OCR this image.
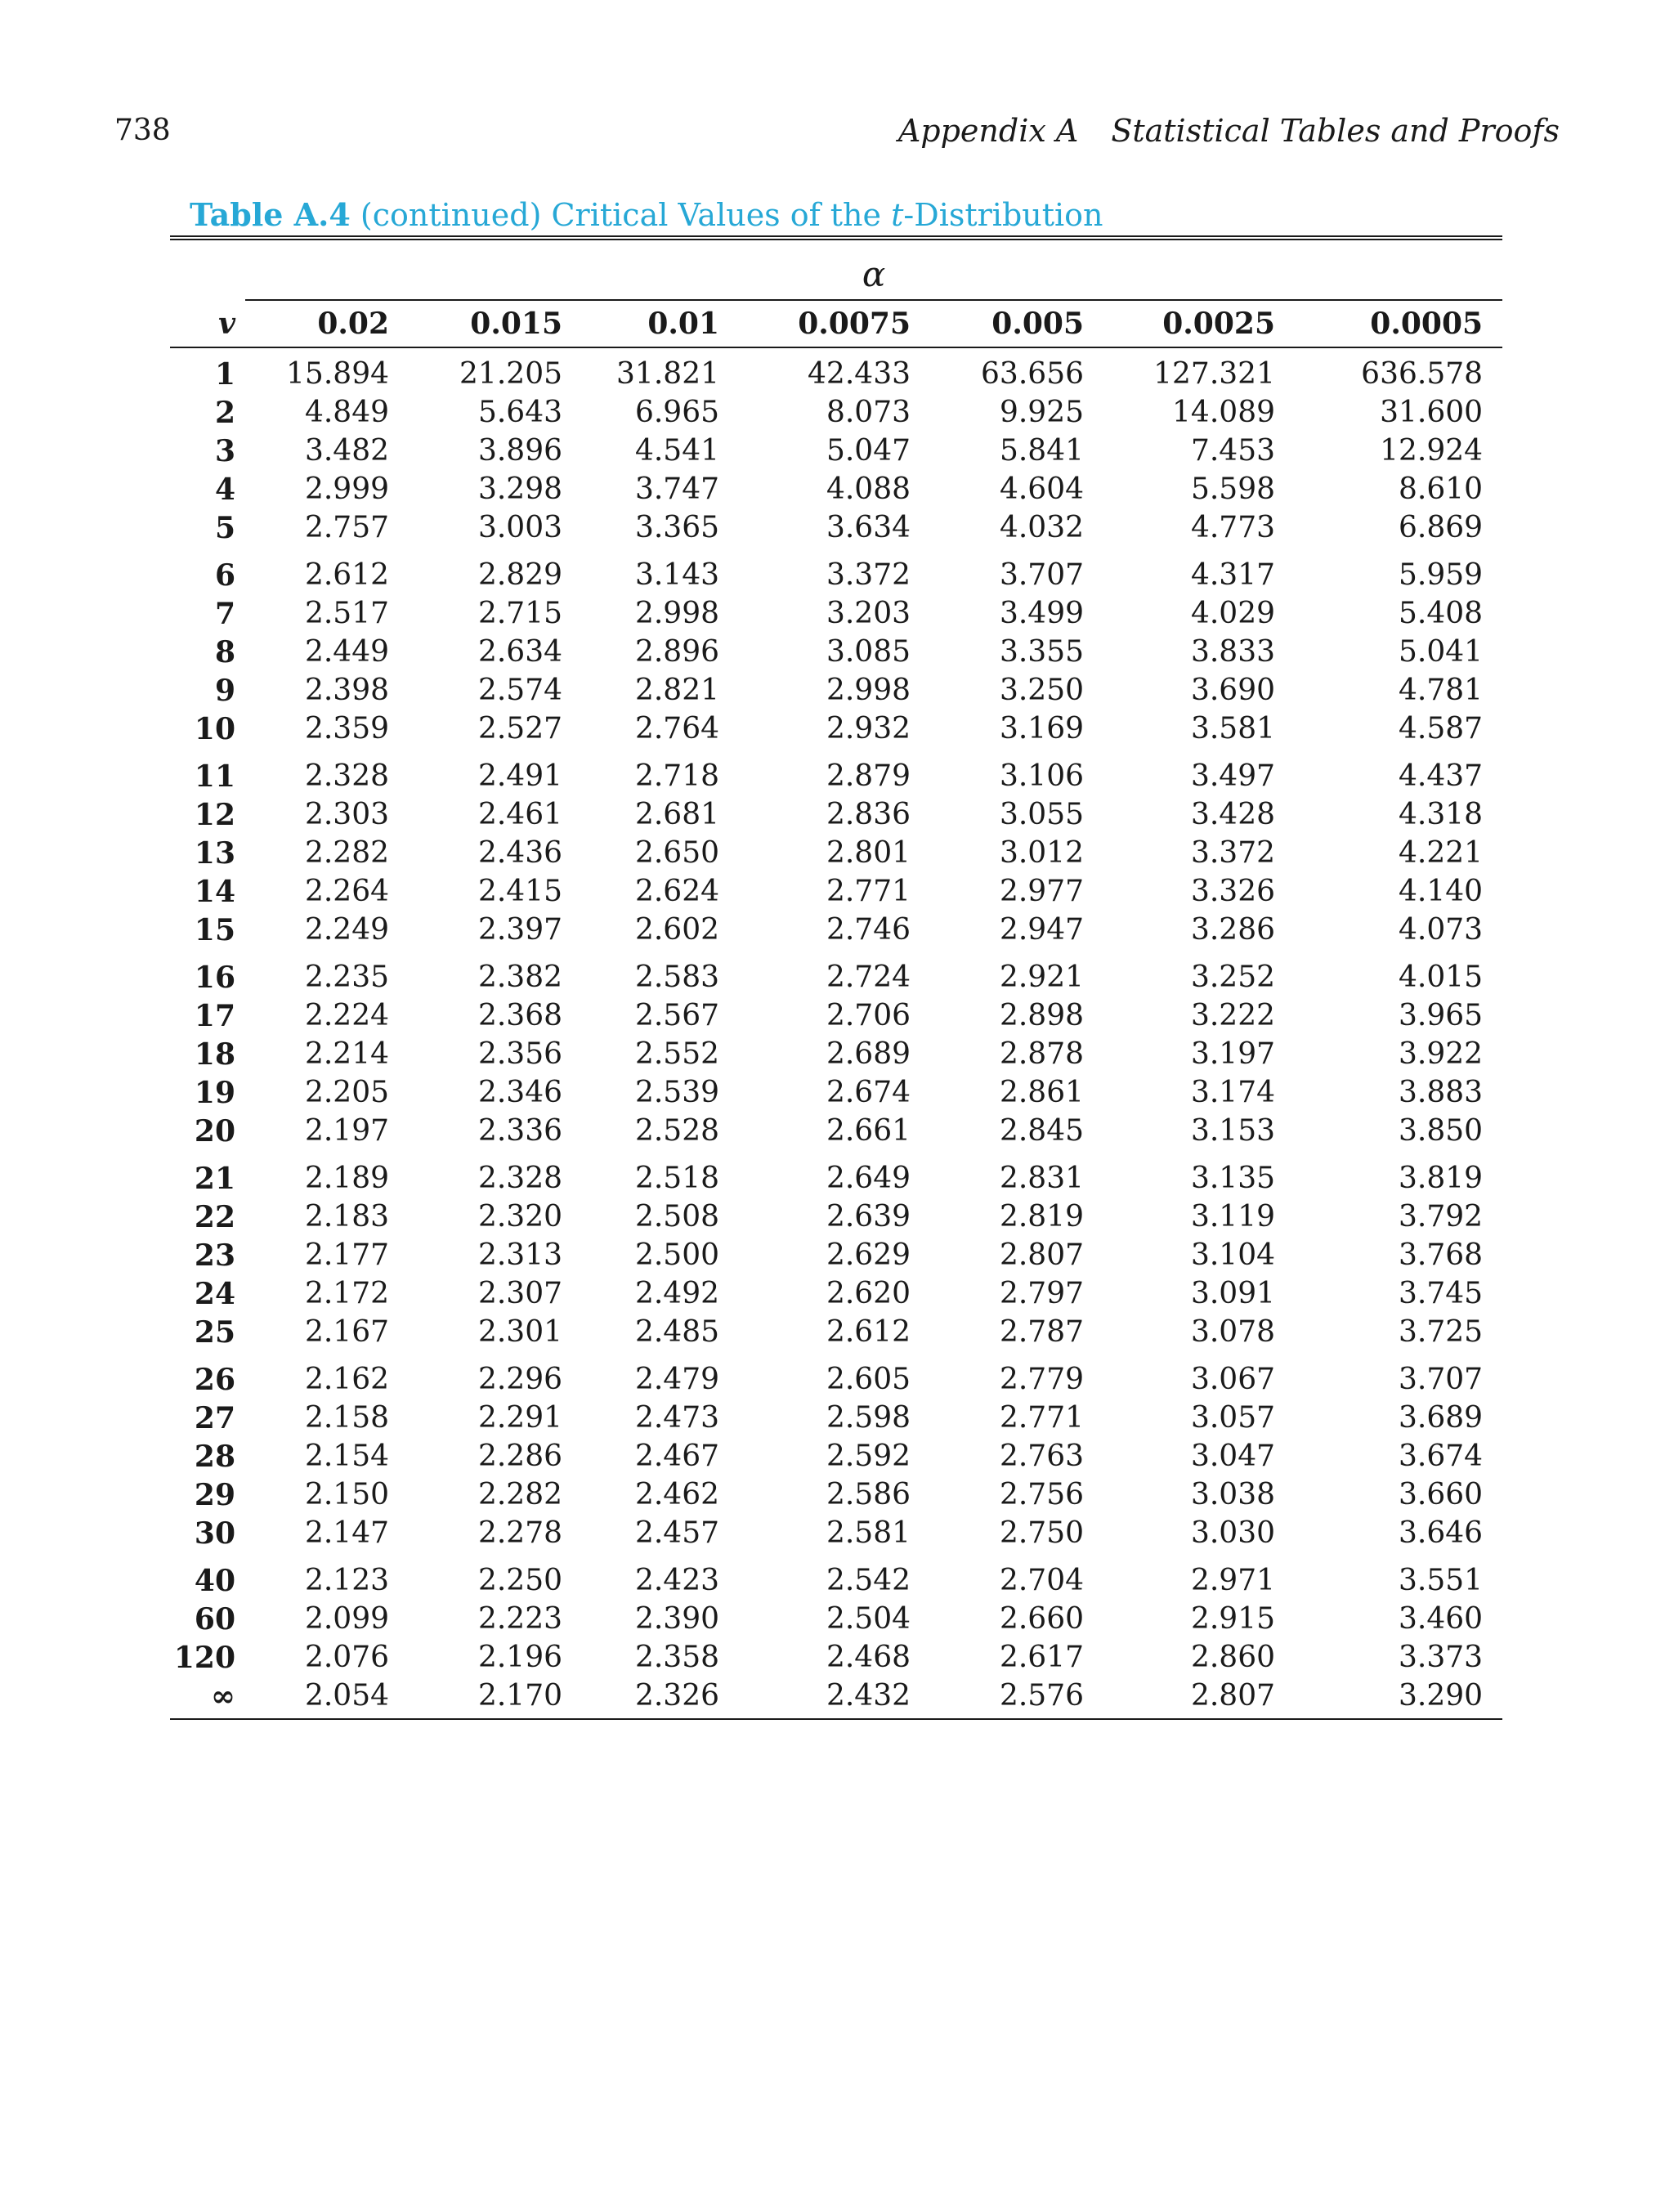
738	Appendix A Statistical Tables and Proofs
Table A.4 (continued) Critical Values of the t-Distribution
	α						
v	0.02	0.015	0.01	0.0075	0.005	0.0025	0.0005
1	15.894	21.205	31.821	42.433	63.656	127.321	636.578
2	4.849	5.643	6.965	8.073	9.925	14.089	31.600
3	3.482	3.896	4.541	5.047	5.841	7.453	12.924
4	2.999	3.298	3.747	4.088	4.604	5.598	8.610
5	2.757	3.003	3.365	3.634	4.032	4.773	6.869
6	2.612	2.829	3.143	3.372	3.707	4.317	5.959
7	2.517	2.715	2.998	3.203	3.499	4.029	5.408
8	2.449	2.634	2.896	3.085	3.355	3.833	5.041
9	2.398	2.574	2.821	2.998	3.250	3.690	4.781
10	2.359	2.527	2.764	2.932	3.169	3.581	4.587
11	2.328	2.491	2.718	2.879	3.106	3.497	4.437
12	2.303	2.461	2.681	2.836	3.055	3.428	4.318
13	2.282	2.436	2.650	2.801	3.012	3.372	4.221
14	2.264	2.415	2.624	2.771	2.977	3.326	4.140
15	2.249	2.397	2.602	2.746	2.947	3.286	4.073
16	2.235	2.382	2.583	2.724	2.921	3.252	4.015
17	2.224	2.368	2.567	2.706	2.898	3.222	3.965
18	2.214	2.356	2.552	2.689	2.878	3.197	3.922
19	2.205	2.346	2.539	2.674	2.861	3.174	3.883
20	2.197	2.336	2.528	2.661	2.845	3.153	3.850
21	2.189	2.328	2.518	2.649	2.831	3.135	3.819
22	2.183	2.320	2.508	2.639	2.819	3.119	3.792
23	2.177	2.313	2.500	2.629	2.807	3.104	3.768
24	2.172	2.307	2.492	2.620	2.797	3.091	3.745
25	2.167	2.301	2.485	2.612	2.787	3.078	3.725
26	2.162	2.296	2.479	2.605	2.779	3.067	3.707
27	2.158	2.291	2.473	2.598	2.771	3.057	3.689
28	2.154	2.286	2.467	2.592	2.763	3.047	3.674
29	2.150	2.282	2.462	2.586	2.756	3.038	3.660
30	2.147	2.278	2.457	2.581	2.750	3.030	3.646
40	2.123	2.250	2.423	2.542	2.704	2.971	3.551
60	2.099	2.223	2.390	2.504	2.660	2.915	3.460
120	2.076	2.196	2.358	2.468	2.617	2.860	3.373
∞	2.054	2.170	2.326	2.432	2.576	2.807	3.290
